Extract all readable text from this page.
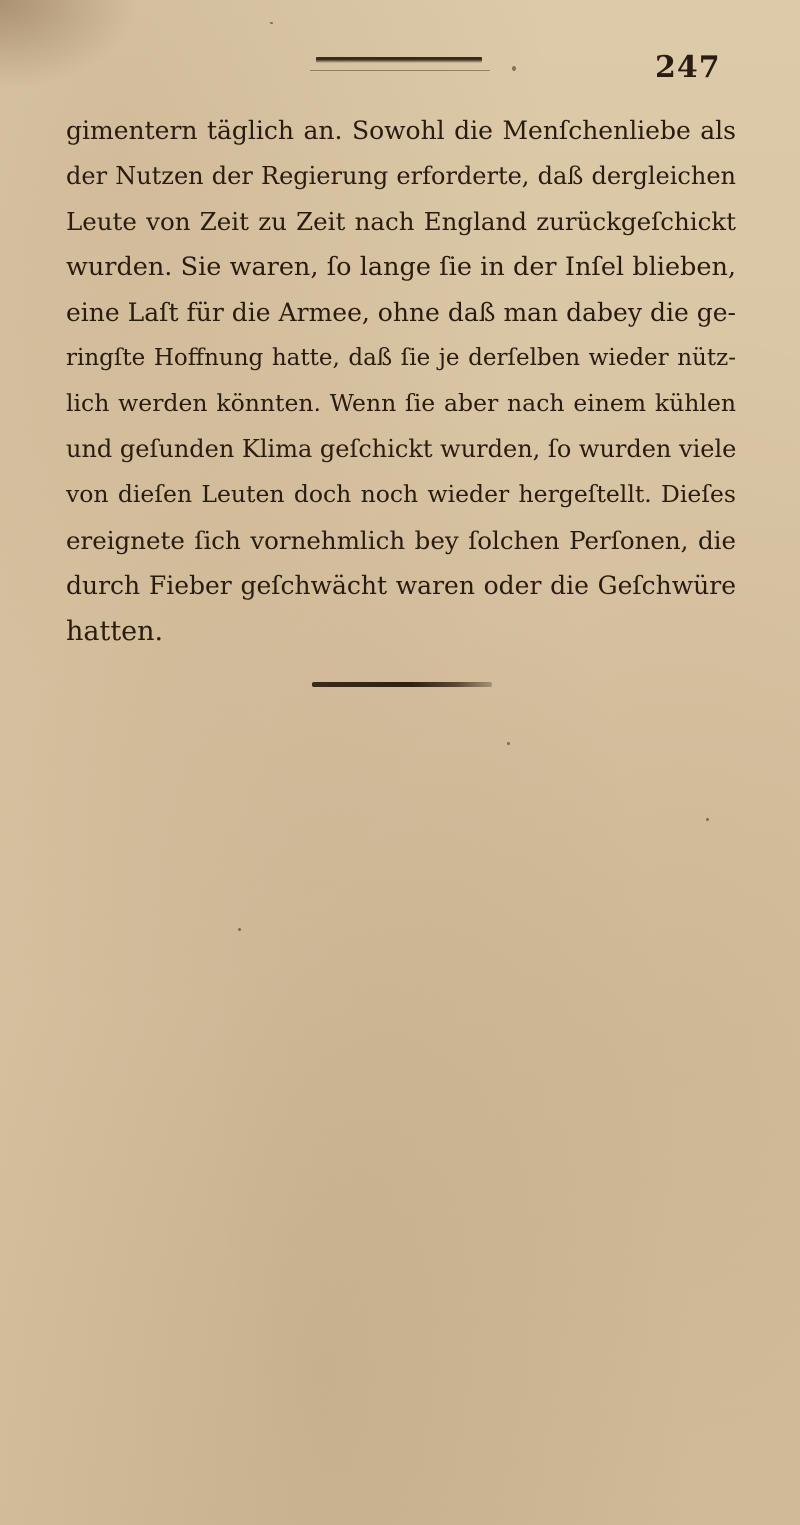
247
gimentern täglich an. Sowohl die Menſchenliebe als
der Nutzen der Regierung erforderte, daß dergleichen
Leute von Zeit zu Zeit nach England zurückgeſchickt
wurden. Sie waren, ſo lange ſie in der Inſel blieben,
eine Laſt für die Armee, ohne daß man dabey die ge-
ringſte Hoffnung hatte, daß ſie je derſelben wieder nütz-
lich werden könnten. Wenn ſie aber nach einem kühlen
und geſunden Klima geſchickt wurden, ſo wurden viele
von dieſen Leuten doch noch wieder hergeſtellt. Dieſes
ereignete ſich vornehmlich bey ſolchen Perſonen, die
durch Fieber geſchwächt waren oder die Geſchwüre
hatten.
